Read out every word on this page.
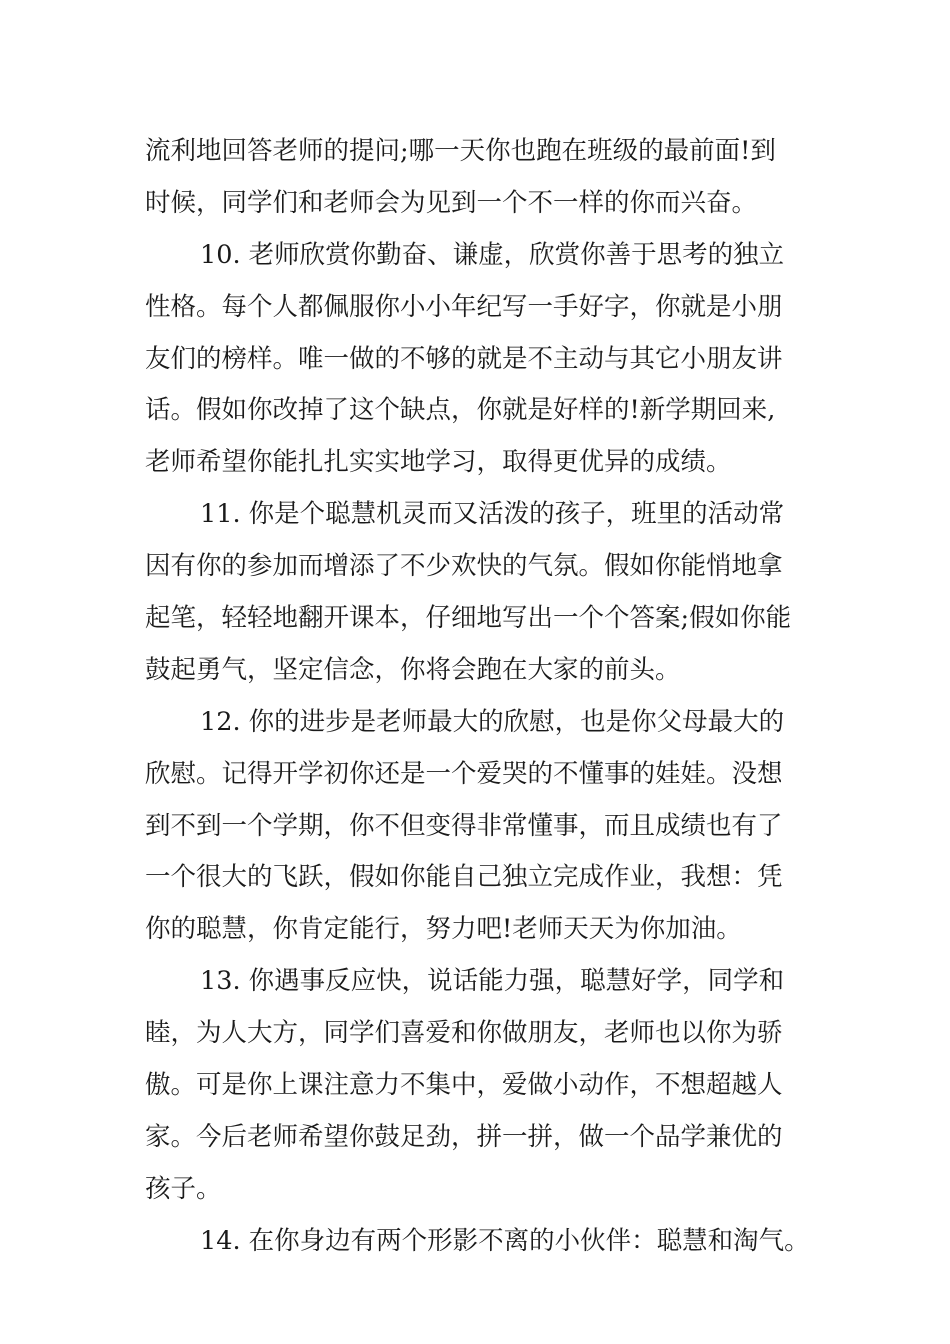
流利地回答老师的提问;哪一天你也跑在班级的最前面!到
时候，同学们和老师会为见到一个不一样的你而兴奋。
10. 老师欣赏你勤奋、谦虚，欣赏你善于思考的独立
性格。每个人都佩服你小小年纪写一手好字，你就是小朋
友们的榜样。唯一做的不够的就是不主动与其它小朋友讲
话。假如你改掉了这个缺点，你就是好样的!新学期回来,
老师希望你能扎扎实实地学习，取得更优异的成绩。
11. 你是个聪慧机灵而又活泼的孩子，班里的活动常
因有你的参加而增添了不少欢快的气氛。假如你能悄地拿
起笔，轻轻地翻开课本，仔细地写出一个个答案;假如你能
鼓起勇气，坚定信念，你将会跑在大家的前头。
12. 你的进步是老师最大的欣慰，也是你父母最大的
欣慰。记得开学初你还是一个爱哭的不懂事的娃娃。没想
到不到一个学期，你不但变得非常懂事，而且成绩也有了
一个很大的飞跃，假如你能自己独立完成作业，我想：凭
你的聪慧，你肯定能行，努力吧!老师天天为你加油。
13. 你遇事反应快，说话能力强，聪慧好学，同学和
睦，为人大方，同学们喜爱和你做朋友，老师也以你为骄
傲。可是你上课注意力不集中，爱做小动作，不想超越人
家。今后老师希望你鼓足劲，拼一拼，做一个品学兼优的
孩子。
14. 在你身边有两个形影不离的小伙伴：聪慧和淘气。
